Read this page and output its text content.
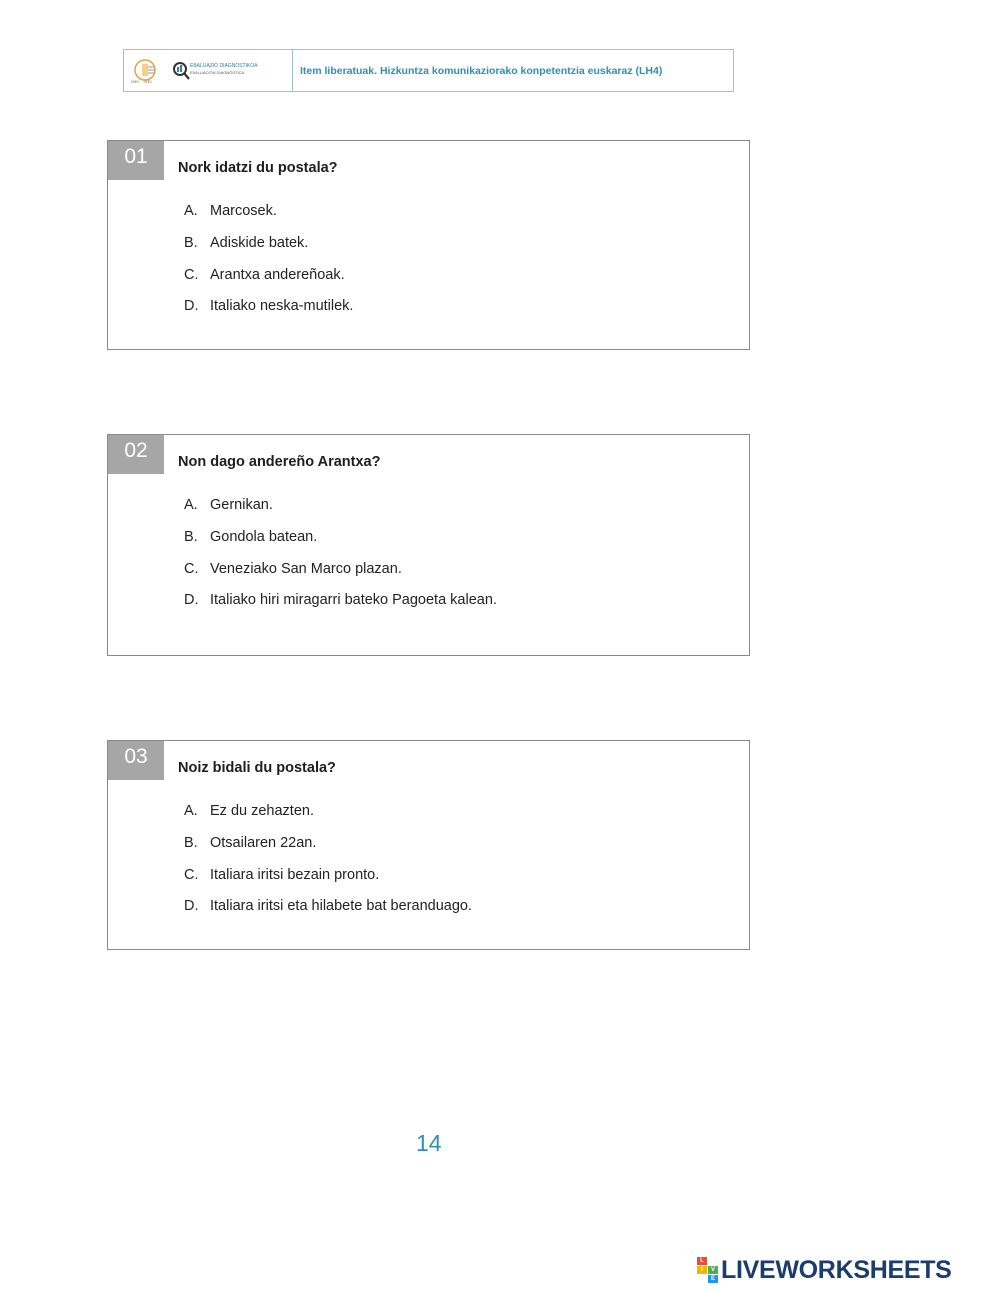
ISEI · IVEI
EBALUAZIO DIAGNOSTIKOA
EVALUACIÓN DIAGNÓSTICA	Item liberatuak. Hizkuntza komunikaziorako konpetentzia euskaraz (LH4)
01	Nork idatzi du postala?
A. Marcosek.
B. Adiskide batek.
C. Arantxa andereñoak.
D. Italiako neska-mutilek.
02	Non dago andereño Arantxa?
A. Gernikan.
B. Gondola batean.
C. Veneziako San Marco plazan.
D. Italiako hiri miragarri bateko Pagoeta kalean.
03	Noiz bidali du postala?
A. Ez du zehazten.
B. Otsailaren 22an.
C. Italiara iritsi bezain pronto.
D. Italiara iritsi eta hilabete bat beranduago.
14
L
I	V
E LIVEWORKSHEETS
